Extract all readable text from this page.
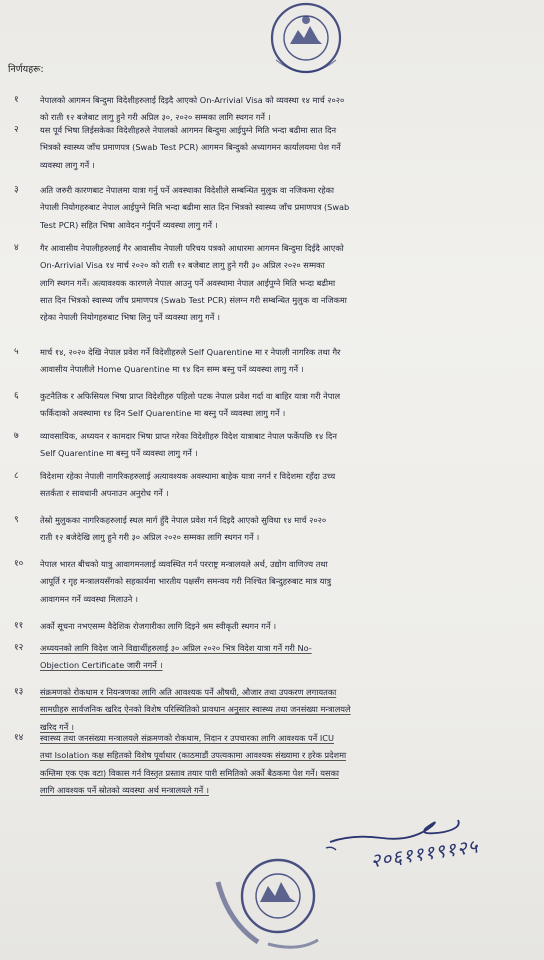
निर्णयहरू:
१	नेपालको आगमन बिन्दुमा विदेशीहरुलाई दिइदै आएको On-Arrivial Visa को व्यवस्था १४ मार्च २०२०
को राती १२ बजेबाट लागु हुने गरी अप्रिल ३०, २०२० सम्मका लागि स्थगन गर्ने ।
२	यस पूर्व भिषा लिईसकेका विदेशीहरुले नेपालको आगमन बिन्दुमा आईपुग्ने मिति भन्दा बढीमा सात दिन
भित्रको स्वास्थ्य जाँच प्रमाणपत्र (Swab Test PCR) आगमन बिन्दुको अध्यागमन कार्यालयमा पेश गर्ने
व्यवस्था लागु गर्ने ।
३	अति जरुरी कारणबाट नेपालमा यात्रा गर्नु पर्ने अवस्थाका विदेशीले सम्बन्धित मुलुक वा नजिकमा रहेका
नेपाली नियोगहरुबाट नेपाल आईपुग्ने मिति भन्दा बढीमा सात दिन भित्रको स्वास्थ्य जाँच प्रमाणपत्र (Swab
Test PCR) सहित भिषा आवेदन गर्नुपर्ने व्यवस्था लागु गर्ने ।
४	गैर आवासीय नेपालीहरुलाई गैर आवासीय नेपाली परिचय पत्रको आधारमा आगमन बिन्दुमा दिईदै आएको
On-Arrivial Visa १४ मार्च २०२० को राती १२ बजेबाट लागु हुने गरी ३० अप्रिल २०२० सम्मका
लागि स्थगन गर्ने। अत्यावश्यक कारणले नेपाल आउनु पर्ने अवस्थामा नेपाल आईपुग्ने मिति भन्दा बढीमा
सात दिन भित्रको स्वास्थ्य जाँच प्रमाणपत्र (Swab Test PCR) संलग्न गरी सम्बन्धित मुलुक वा नजिकमा
रहेका नेपाली नियोगहरुबाट भिषा लिनु पर्ने व्यवस्था लागु गर्ने ।
५	मार्च १४, २०२० देखि नेपाल प्रवेश गर्ने विदेशीहरुले Self Quarentine मा र नेपाली नागरिक तथा गैर
आवासीय नेपालीले Home Quarentine मा १४ दिन सम्म बस्नु पर्ने व्यवस्था लागु गर्ने ।
६	कुटनैतिक र अफिसियल भिषा प्राप्त विदेशीहरु पहिलो पटक नेपाल प्रवेश गर्दा वा बाहिर यात्रा गरी नेपाल
फर्किदाको अवस्थामा १४ दिन Self Quarentine मा बस्नु पर्ने व्यवस्था लागु गर्ने ।
७	व्यावसायिक, अध्ययन र कामदार भिषा प्राप्त गरेका विदेशीहरु विदेश यात्राबाट नेपाल फर्केपछि १४ दिन
Self Quarentine मा बस्नु पर्ने व्यवस्था लागु गर्ने ।
८	विदेशमा रहेका नेपाली नागरिकहरुलाई अत्यावश्यक अवस्थामा बाहेक यात्रा नगर्न र विदेशमा रहँदा उच्च
सतर्कता र सावधानी अपनाउन अनुरोध गर्ने ।
९	तेस्रो मुलुकका नागरिकहरुलाई स्थल मार्ग हुँदै नेपाल प्रवेश गर्न दिइदै आएको सुविधा १४ मार्च २०२०
राती १२ बजेदेखि लागु हुने गरी ३० अप्रिल २०२० सम्मका लागि स्थगन गर्ने ।
१० नेपाल भारत बीचको यात्रु आवागमनलाई व्यवस्थित गर्न परराष्ट्र मन्त्रालयले अर्थ, उद्योग वाणिज्य तथा
आपूर्ति र गृह मन्त्रालयसँगको सहकार्यमा भारतीय पक्षसँग समन्वय गरी निश्चित बिन्दुहरुबाट मात्र यात्रु
आवागमन गर्ने व्यवस्था मिलाउने ।
११ अर्को सूचना नभएसम्म वैदेशिक रोजगारीका लागि दिइने श्रम स्वीकृती स्थगन गर्ने ।
१२ अध्ययनको लागि विदेश जाने विद्यार्थीहरुलाई ३० अप्रिल २०२० भित्र विदेश यात्रा गर्ने गरी No-
Objection Certificate जारी नगर्ने ।
१३ संक्रमणको रोकथाम र नियन्त्रणका लागि अति आवश्यक पर्ने औषधी, औजार तथा उपकरण लगायतका
सामग्रीहरु सार्वजनिक खरिद ऐनको विशेष परिस्थितिको प्रावधान अनुसार स्वास्थ्य तथा जनसंख्या मन्त्रालयले
खरिद गर्ने ।
१४ स्वास्थ्य तथा जनसंख्या मन्त्रालयले संक्रमणको रोकथाम, निदान र उपचारका लागि आवश्यक पर्ने ICU
तथा Isolation कक्ष सहितको विशेष पूर्वाधार (काठमाडौं उपत्यकामा आवश्यक संख्यामा र हरेक प्रदेशमा
कम्तिमा एक एक वटा) विकास गर्न विस्तृत प्रस्ताव तयार पारी समितिको अर्को बैठकमा पेश गर्ने। यसका
लागि आवश्यक पर्ने स्रोतको व्यवस्था अर्थ मन्त्रालयले गर्ने ।
२०६१११९१२५
